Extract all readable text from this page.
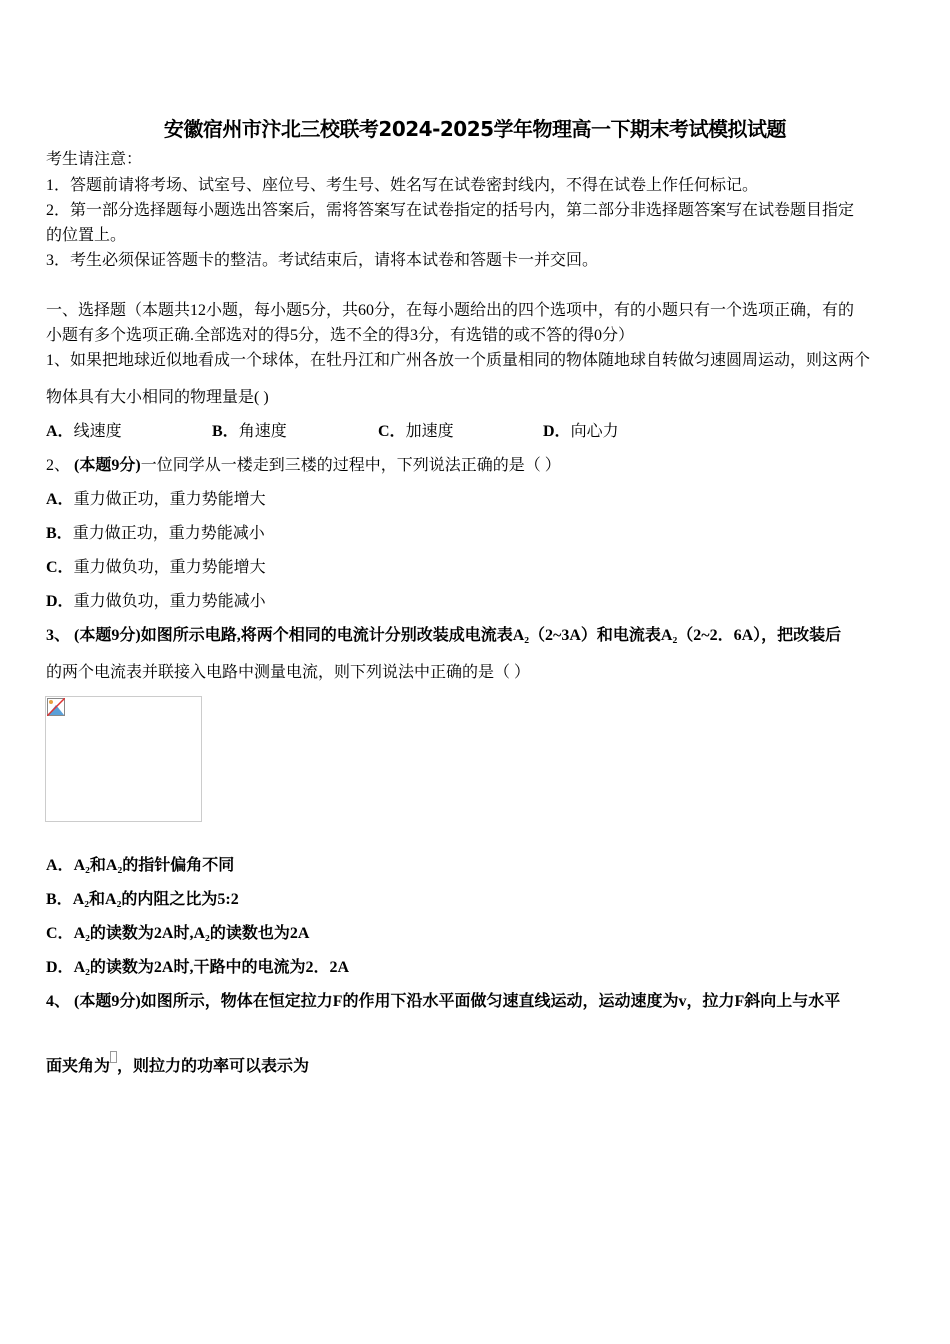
安徽宿州市汴北三校联考2024-2025学年物理高一下期末考试模拟试题
考生请注意：
1．答题前请将考场、试室号、座位号、考生号、姓名写在试卷密封线内，不得在试卷上作任何标记。
2．第一部分选择题每小题选出答案后，需将答案写在试卷指定的括号内，第二部分非选择题答案写在试卷题目指定
的位置上。
3．考生必须保证答题卡的整洁。考试结束后，请将本试卷和答题卡一并交回。
一、选择题（本题共12小题，每小题5分，共60分，在每小题给出的四个选项中，有的小题只有一个选项正确，有的
小题有多个选项正确.全部选对的得5分，选不全的得3分，有选错的或不答的得0分）
1、如果把地球近似地看成一个球体，在牡丹江和广州各放一个质量相同的物体随地球自转做匀速圆周运动，则这两个
物体具有大小相同的物理量是( )
A．线速度	B．角速度	C．加速度	D．向心力
2、 (本题9分)一位同学从一楼走到三楼的过程中，下列说法正确的是（ ）
A．重力做正功，重力势能增大
B．重力做正功，重力势能减小
C．重力做负功，重力势能增大
D．重力做负功，重力势能减小
3、 (本题9分)如图所示电路,将两个相同的电流计分别改装成电流表A₂（2~3A）和电流表A₂（2~2．6A），把改装后
的两个电流表并联接入电路中测量电流，则下列说法中正确的是（ ）
A．A₂和A₂的指针偏角不同
B．A₂和A₂的内阻之比为5:2
C．A₂的读数为2A时,A₂的读数也为2A
D．A₂的读数为2A时,干路中的电流为2．2A
4、 (本题9分)如图所示，物体在恒定拉力F的作用下沿水平面做匀速直线运动，运动速度为v，拉力F斜向上与水平
面夹角为 ，则拉力的功率可以表示为
